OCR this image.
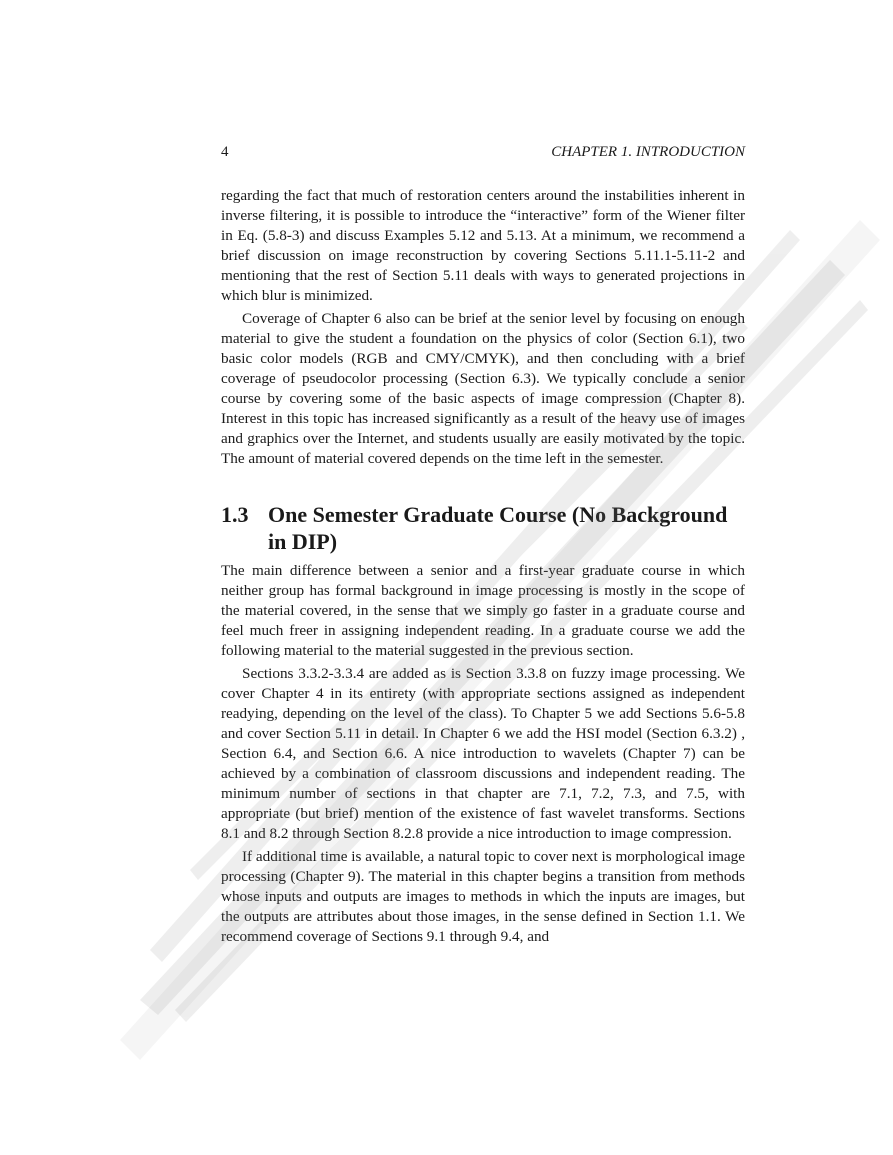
4	CHAPTER 1. INTRODUCTION

regarding the fact that much of restoration centers around the instabilities inherent in inverse filtering, it is possible to introduce the “interactive” form of the Wiener filter in Eq. (5.8-3) and discuss Examples 5.12 and 5.13. At a minimum, we recommend a brief discussion on image reconstruction by covering Sections 5.11.1-5.11-2 and mentioning that the rest of Section 5.11 deals with ways to generated projections in which blur is minimized.

Coverage of Chapter 6 also can be brief at the senior level by focusing on enough material to give the student a foundation on the physics of color (Section 6.1), two basic color models (RGB and CMY/CMYK), and then concluding with a brief coverage of pseudocolor processing (Section 6.3). We typically conclude a senior course by covering some of the basic aspects of image compression (Chapter 8). Interest in this topic has increased significantly as a result of the heavy use of images and graphics over the Internet, and students usually are easily motivated by the topic. The amount of material covered depends on the time left in the semester.

1.3 One Semester Graduate Course (No Background in DIP)

The main difference between a senior and a first-year graduate course in which neither group has formal background in image processing is mostly in the scope of the material covered, in the sense that we simply go faster in a graduate course and feel much freer in assigning independent reading. In a graduate course we add the following material to the material suggested in the previous section.

Sections 3.3.2-3.3.4 are added as is Section 3.3.8 on fuzzy image processing. We cover Chapter 4 in its entirety (with appropriate sections assigned as independent readying, depending on the level of the class). To Chapter 5 we add Sections 5.6-5.8 and cover Section 5.11 in detail. In Chapter 6 we add the HSI model (Section 6.3.2) , Section 6.4, and Section 6.6. A nice introduction to wavelets (Chapter 7) can be achieved by a combination of classroom discussions and independent reading. The minimum number of sections in that chapter are 7.1, 7.2, 7.3, and 7.5, with appropriate (but brief) mention of the existence of fast wavelet transforms. Sections 8.1 and 8.2 through Section 8.2.8 provide a nice introduction to image compression.

If additional time is available, a natural topic to cover next is morphological image processing (Chapter 9). The material in this chapter begins a transition from methods whose inputs and outputs are images to methods in which the inputs are images, but the outputs are attributes about those images, in the sense defined in Section 1.1. We recommend coverage of Sections 9.1 through 9.4, and
